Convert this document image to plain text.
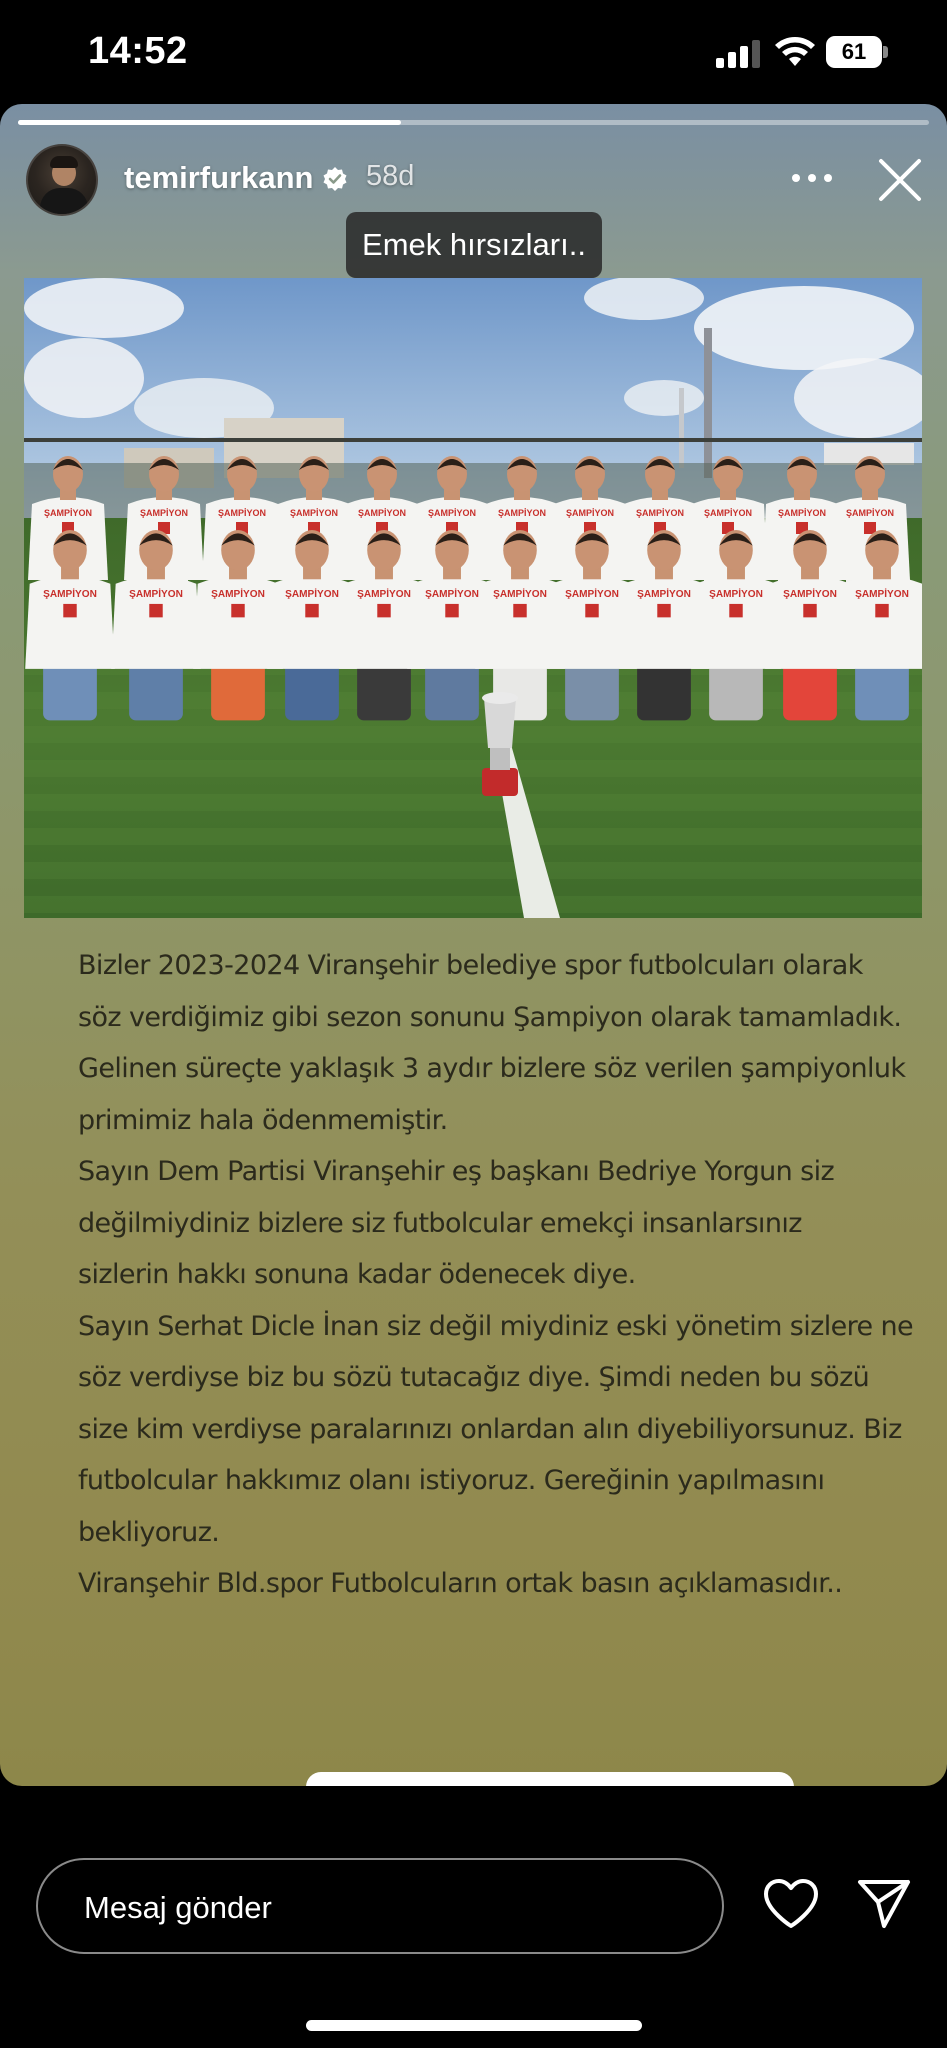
14:52	61
temirfurkann 58d
Emek hırsızları..
ŞAMPİYON	ŞAMPİYON	ŞAMPİYON	ŞAMPİYON ŞAMPİYON ŞAMPİYON ŞAMPİYON ŞAMPİYON ŞAMPİYON ŞAMPİYON	ŞAMPİYON ŞAMPİYON
ŞAMPİYON	ŞAMPİYON	ŞAMPİYON ŞAMPİYON ŞAMPİYON ŞAMPİYON ŞAMPİYON ŞAMPİYON ŞAMPİYON ŞAMPİYON ŞAMPİYON ŞAMPİYON

Bizler 2023-2024 Viranşehir belediye spor futbolcuları olarak

söz verdiğimiz gibi sezon sonunu Şampiyon olarak tamamladık.

Gelinen süreçte yaklaşık 3 aydır bizlere söz verilen şampiyonluk

primimiz hala ödenmemiştir.

Sayın Dem Partisi Viranşehir eş başkanı Bedriye Yorgun siz

değilmiydiniz bizlere siz futbolcular emekçi insanlarsınız

sizlerin hakkı sonuna kadar ödenecek diye.

Sayın Serhat Dicle İnan siz değil miydiniz eski yönetim sizlere ne

söz verdiyse biz bu sözü tutacağız diye. Şimdi neden bu sözü

size kim verdiyse paralarınızı onlardan alın diyebiliyorsunuz. Biz

futbolcular hakkımız olanı istiyoruz. Gereğinin yapılmasını

bekliyoruz.

Viranşehir Bld.spor Futbolcuların ortak basın açıklamasıdır..

Mesaj gönder
